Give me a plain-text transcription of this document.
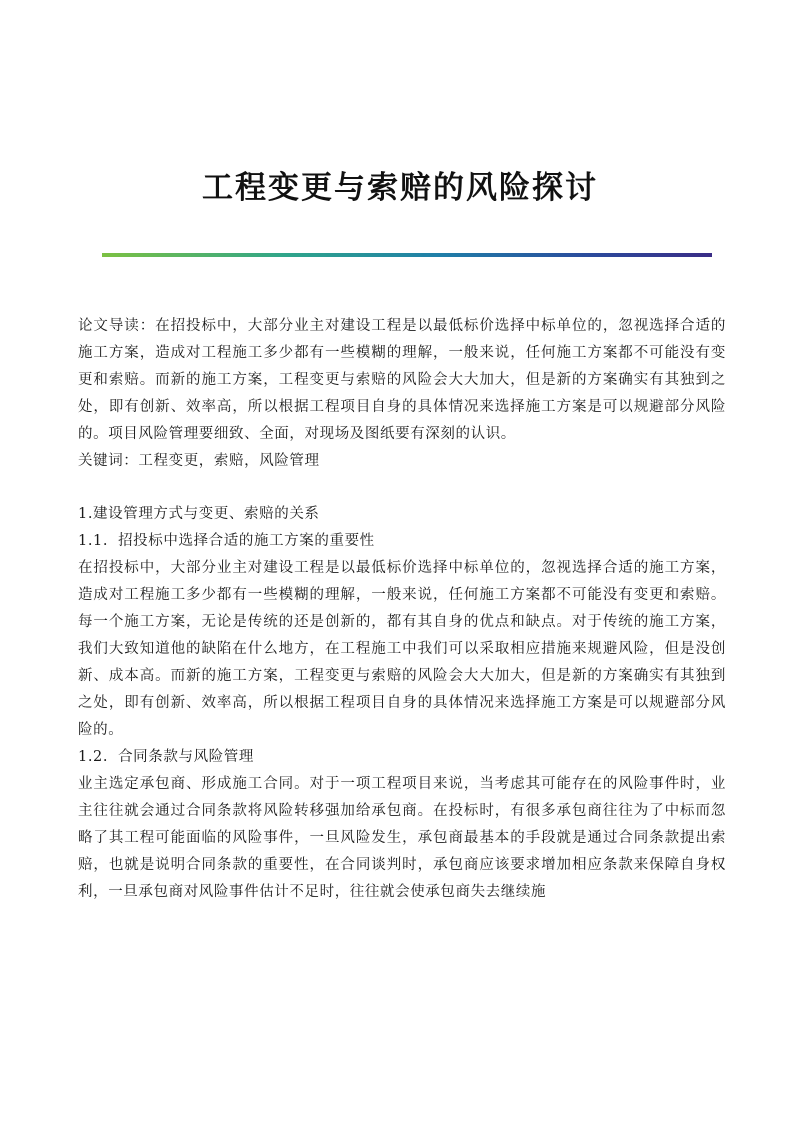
工程变更与索赔的风险探讨

论文导读：在招投标中，大部分业主对建设工程是以最低标价选择中标单位的，忽视选择合适的施工方案，造成对工程施工多少都有一些模糊的理解，一般来说，任何施工方案都不可能没有变更和索赔。而新的施工方案，工程变更与索赔的风险会大大加大，但是新的方案确实有其独到之处，即有创新、效率高，所以根据工程项目自身的具体情况来选择施工方案是可以规避部分风险的。项目风险管理要细致、全面，对现场及图纸要有深刻的认识。

关键词：工程变更，索赔，风险管理

1.建设管理方式与变更、索赔的关系

1.1. 招投标中选择合适的施工方案的重要性

在招投标中，大部分业主对建设工程是以最低标价选择中标单位的，忽视选择合适的施工方案，造成对工程施工多少都有一些模糊的理解，一般来说，任何施工方案都不可能没有变更和索赔。每一个施工方案，无论是传统的还是创新的，都有其自身的优点和缺点。对于传统的施工方案，我们大致知道他的缺陷在什么地方，在工程施工中我们可以采取相应措施来规避风险，但是没创新、成本高。而新的施工方案，工程变更与索赔的风险会大大加大，但是新的方案确实有其独到之处，即有创新、效率高，所以根据工程项目自身的具体情况来选择施工方案是可以规避部分风险的。

1.2. 合同条款与风险管理

业主选定承包商、形成施工合同。对于一项工程项目来说，当考虑其可能存在的风险事件时，业主往往就会通过合同条款将风险转移强加给承包商。在投标时，有很多承包商往往为了中标而忽略了其工程可能面临的风险事件，一旦风险发生，承包商最基本的手段就是通过合同条款提出索赔，也就是说明合同条款的重要性，在合同谈判时，承包商应该要求增加相应条款来保障自身权利，一旦承包商对风险事件估计不足时，往往就会使承包商失去继续施
